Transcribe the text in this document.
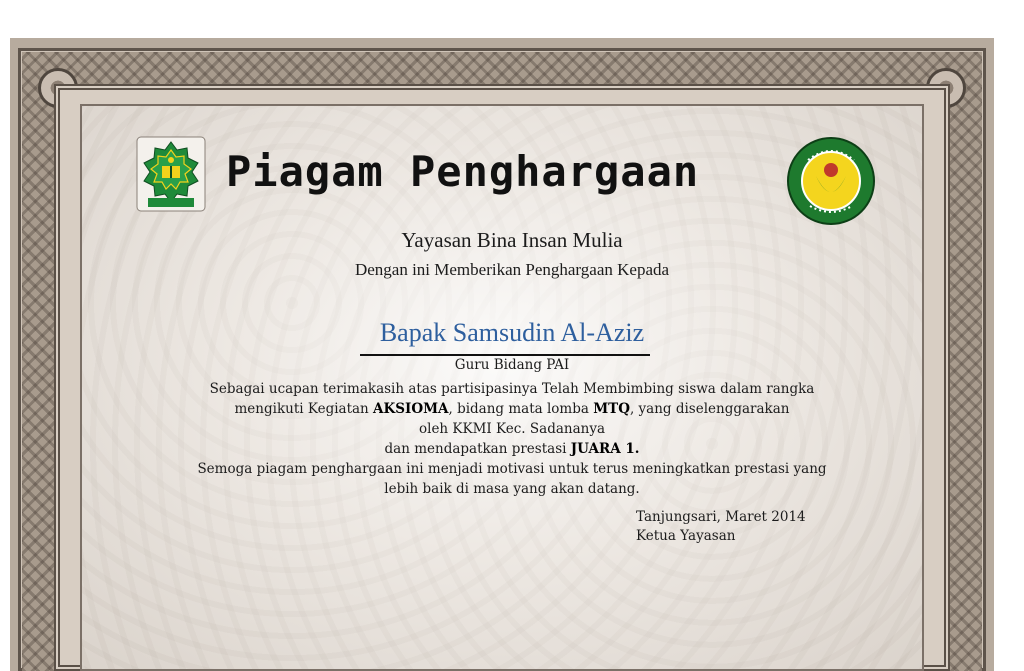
Piagam Penghargaan
Yayasan Bina Insan Mulia
Dengan ini Memberikan Penghargaan Kepada
Bapak Samsudin Al-Aziz
Guru Bidang PAI
Sebagai ucapan terimakasih atas partisipasinya Telah Membimbing siswa dalam rangka
mengikuti Kegiatan AKSIOMA, bidang mata lomba MTQ, yang diselenggarakan
oleh KKMI Kec. Sadananya
dan mendapatkan prestasi JUARA 1.
Semoga piagam penghargaan ini menjadi motivasi untuk terus meningkatkan prestasi yang
lebih baik di masa yang akan datang.
Tanjungsari, Maret 2014
Ketua Yayasan
